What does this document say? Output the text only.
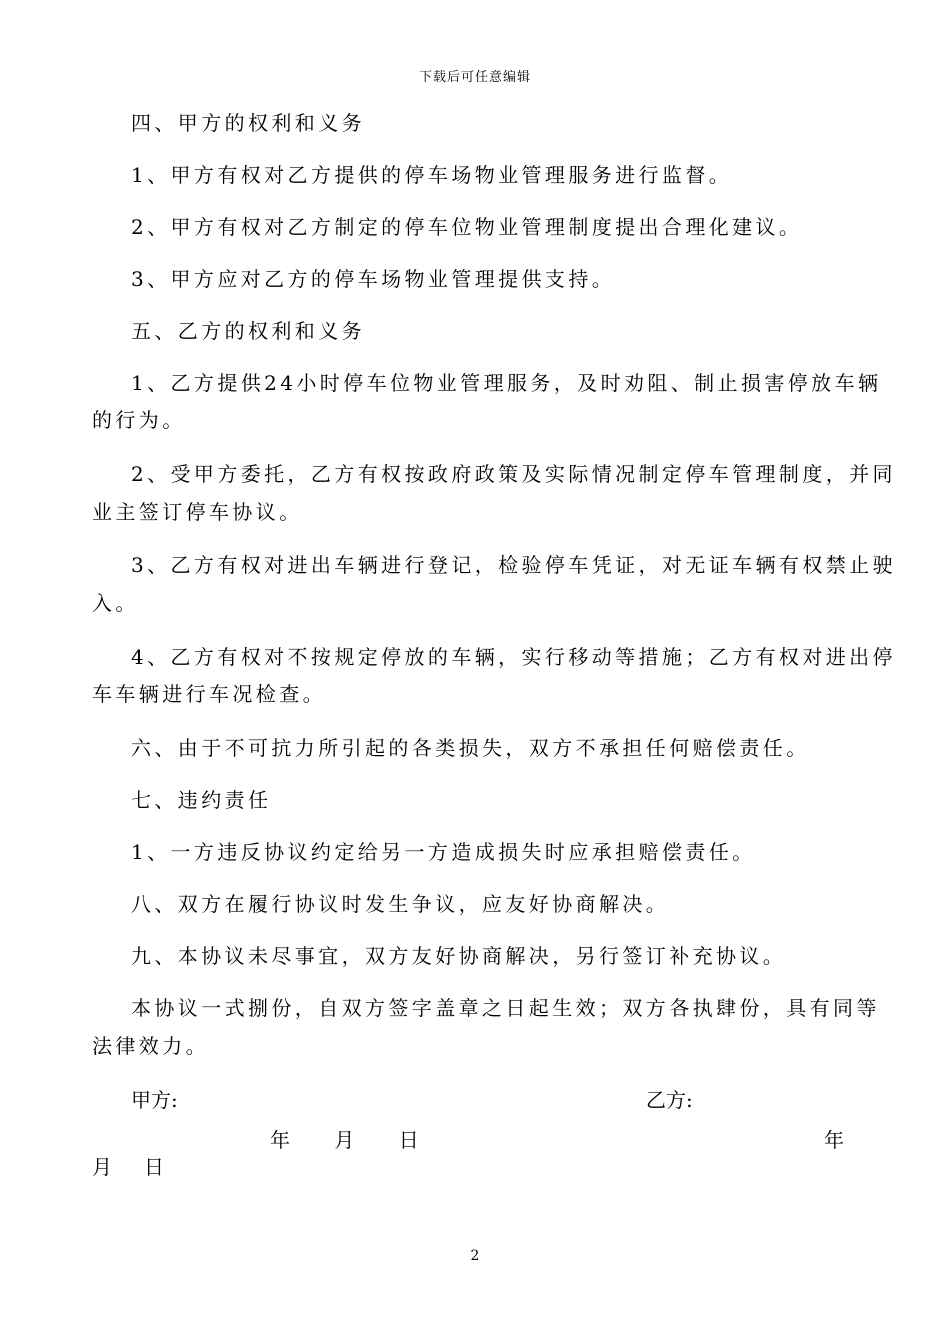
下载后可任意编辑
四、甲方的权利和义务
1、甲方有权对乙方提供的停车场物业管理服务进行监督。
2、甲方有权对乙方制定的停车位物业管理制度提出合理化建议。
3、甲方应对乙方的停车场物业管理提供支持。
五、乙方的权利和义务
1、乙方提供24小时停车位物业管理服务，及时劝阻、制止损害停放车辆
的行为。
2、受甲方委托，乙方有权按政府政策及实际情况制定停车管理制度，并同
业主签订停车协议。
3、乙方有权对进出车辆进行登记，检验停车凭证，对无证车辆有权禁止驶
入。
4、乙方有权对不按规定停放的车辆，实行移动等措施；乙方有权对进出停
车车辆进行车况检查。
六、由于不可抗力所引起的各类损失，双方不承担任何赔偿责任。
七、违约责任
1、一方违反协议约定给另一方造成损失时应承担赔偿责任。
八、双方在履行协议时发生争议，应友好协商解决。
九、本协议未尽事宜，双方友好协商解决，另行签订补充协议。
本协议一式捌份，自双方签字盖章之日起生效；双方各执肆份，具有同等
法律效力。
甲方:	乙方:
年　 月　 日	年
月　日
2
